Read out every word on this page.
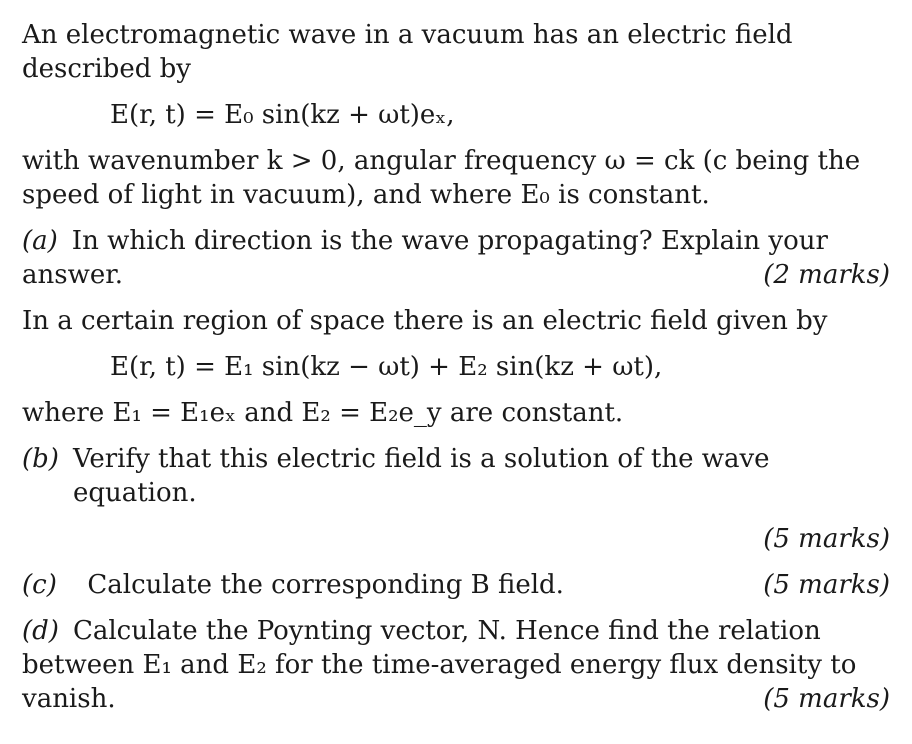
An electromagnetic wave in a vacuum has an electric field described by

E(r, t) = E₀ sin(kz + ωt)eₓ,

with wavenumber k > 0, angular frequency ω = ck (c being the speed of light in vacuum), and where E₀ is constant.

(a) In which direction is the wave propagating? Explain your
answer.	(2 marks)

In a certain region of space there is an electric field given by

E(r, t) = E₁ sin(kz − ωt) + E₂ sin(kz + ωt),

where E₁ = E₁eₓ and E₂ = E₂e_y are constant.

(b) Verify that this electric field is a solution of the wave equation.

(5 marks)

(c) Calculate the corresponding B field.	(5 marks)
(d) Calculate the Poynting vector, N. Hence find the relation

between E₁ and E₂ for the time-averaged energy flux density to

vanish.	(5 marks)
